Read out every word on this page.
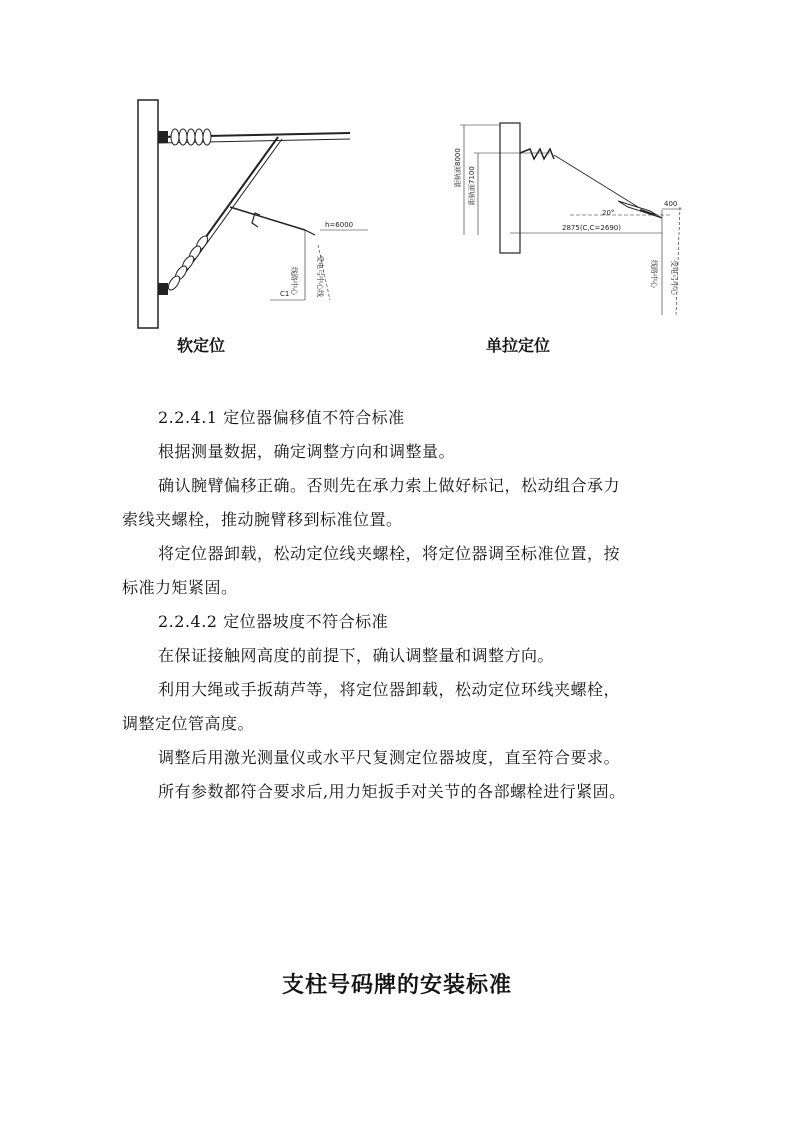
h=6000
线路中心	受电弓中心线
C1
软定位
距轨面8000 距轨面7100
20°
400
2875(C,C=2690)
线路中心 受电弓中心
单拉定位
2.2.4.1 定位器偏移值不符合标准
根据测量数据，确定调整方向和调整量。
确认腕臂偏移正确。否则先在承力索上做好标记，松动组合承力
索线夹螺栓，推动腕臂移到标准位置。
将定位器卸载，松动定位线夹螺栓，将定位器调至标准位置，按
标准力矩紧固。
2.2.4.2 定位器坡度不符合标准
在保证接触网高度的前提下，确认调整量和调整方向。
利用大绳或手扳葫芦等，将定位器卸载，松动定位环线夹螺栓，
调整定位管高度。
调整后用激光测量仪或水平尺复测定位器坡度，直至符合要求。
所有参数都符合要求后,用力矩扳手对关节的各部螺栓进行紧固。
支柱号码牌的安装标准
